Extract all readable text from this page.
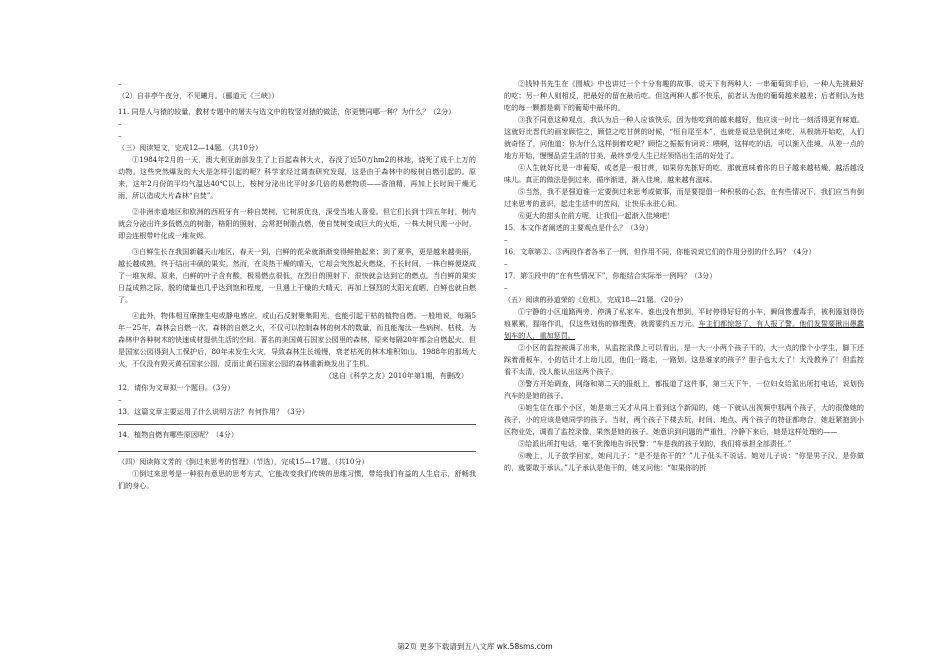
–

（2）自非亭午夜分，不见曦月。（郦道元《三峡》）

11. 同是人与猿的较量，教材专题中的屠夫与选文中的牧竖对猿的做法，你更赞同哪一种？为什么？（2分）

–
–

（三）阅读短文，完成12—14题。（共10分）

①1984年2月的一天，澳大利亚南部发生了上百起森林大火，吞没了近50万hm2的林地，烧死了成千上万的动物。这些突然爆发的大火是怎样引起的呢？科学家经过调查研究发现，这是由于森林中的桉树自燃引起的。原来，这年2月份的平均气温达40℃以上，桉树分泌出比平时多几倍的易燃物质——香油精，再加上长时间干燥无雨，所以造成大片森林“自焚”。

②非洲赤道地区和欧洲的西班牙有一种自焚树，它树质优良，深受当地人喜爱。但它们长到十四五年时，树内就会分泌出许多低燃点的树脂，格阳的照射，会常把树脂点燃，使自焚树变成巨大的火炬，一株大树只需一小时，即会连根带叶化成一堆灰烬。

③白鲜生长在我国新疆天山地区，春天一到，白鲜的花朵就渐渐变得鲜艳起来；到了夏季，更是越来越美丽，越长越成熟，终于结出丰硕的果实。然而，在炎热干燥的晴天，它却会突然起火燃烧，不长时间，一株白鲜便烧成了一堆灰烬。原来，白鲜的叶子含有酸，极易燃点很低，在烈日的照射下，很快就会达到它的燃点。当白鲜的果实日益成熟之际，脱的储量也几乎达到饱和程度，一旦遇上干燥的大晴天，再加上强烈的太阳光直晒，白鲜也就自燃了。

④此外，物体相互摩擦生电或静电感应，或山石反射聚集阳光，也能引起干枯的植物自燃。一般地说，每隔5年－25年，森林会自燃一次，森林的自燃之火，不仅可以控制森林的树木的数量，而且能淘汰一些病树、枯枝，为森林中各种树木的快速成材提供生活的空间。著名的美国黄石国家公园里的森林，原来每隔20年都会自燃起火，但是国家公园得到人工保护后，80年未发生火灾，导致森林生长缓慢，衰老枯死的林木堆积如山。1988年的那场大火，不仅没有毁灭黄石国家公园，反而让黄石国家公园的森林重新焕发出了生机。

（选自《科学之友》2010年第1期，有删改）

12．请你为文章拟一个题目。（3分）

–

13．这篇文章主要运用了什么说明方法？有何作用？（3分）

14．植物自燃有哪些原因呢？（4分）

（四）阅读陈文芳的《倒过来思考的哲理》（节选），完成15—17题。（共10分）

①倒过来思考是一种很有意思的思考方式，它能改变我们传统的思维习惯，带给我们有益的人生启示，舒畅我们的身心。

②钱钟书先生在《围城》中也讲过一个十分有趣的故事，说天下有两种人：一串葡萄到手后，一种人先挑最好的吃；另一种人则相反，把最好的留在最后吃。但这两种人都不快乐，前者认为他的葡萄越来越差；后者则认为他吃的每一颗都是剩下的葡萄中最坏的。

③我不同意这种观点，我认为后一种人应该快乐，因为他吃到的越来越好，他应该一时比一刻活得更有味道。这就好比晋代的画家顾恺之，顾恺之吃甘蔗的时候，“恒自尾至本”，也就是说总是倒过来吃，从根端开始吃，人们就奇怪了，问他道：你为什么这样倒着吃呢？顾恺之振振有词说：喂啊，这样吃的话，可以渐入佳境，从差一点的地方开始，慢慢品尝生活的甘美，最终享受人生已经领悟出生活的好处了。

④人生就好比是一串葡萄，或者是一根甘蔗，如果你先拣好的吃，那就意味着你的日子越来越枯燥，越活越没味儿。真正的做法是倒过来，循序渐进，渐入佳境，越来越有滋味。

⑤当然，我不是强迫谁一定要倒过来思考或做事，而是要提倡一种积极的心态，在有些情况下，我们应当有倒过来思考的意识，起走生活中的苦闷，让快乐永驻心间。

⑥更大的甜头在前方呢，让我们一起渐入佳境吧！

15．本文作者阐述的主要观点是什么？（3分）

–

16．文章第②、③两段作者各举了一例，但作用不同，你能说说它们的作用分别的什么吗？（4分）

–

17．第⑤段中的“在有些情况下”，你能结合实际举一例吗？（3分）

–

（五）阅读的孙道荣的《危机》，完成18—21题。（20分）

①宁静的小区道路两旁，停满了私家车。谁也没有想到，平时停得好好的小车，瞬间惨遭毒手，被利器划得伤痕累累，猩咯作讥，仅这些划伤的修理费，就需要约五万元。车主们都惊怒了，有人报了警。他们发誓要揪出愚蠢划车的人，重加惩罚。

②小区的监控被调了出来，从监控录像上可以看出，是一大一小两个孩子干的，大一点的像个小学生，脚下还踩着滑板车，小的估计才上幼儿园，他们一路走，一路划，这是谁家的孩子？胆子也太大了！太没教养了！但监控看不太清，没人能认出这两个孩子。

③警方开始调查，网络和第二天的报纸上，都报道了这件事，第三天下午，一位妇女给派出所打电话，说划伤汽车的是她的孩子。

④她生住在那个小区，她是第三天才从同上看到这个新闻的，她一下就认出视频中那两个孩子，大的很像她的孩子，小的应该是她同学的孩子。当时，两个孩子下楼去玩，时间、地点、两个孩子的特征都吻合，她赶紧抱到小区物业处，调看了监控录像，果然是她的孩子。她意识到问题的严重性，冷静下来后，她是这样处理的——

⑤给派出所打电话，毫不犹豫地告诉民警：“车是我的孩子划的，我们将承担全部责任。”

⑥晚上，儿子放学回家，她问儿子：“是不是你干的？”儿子低头不说话。她对儿子说：“你是男子汉，是你做的，就要敢于承认。”儿子承认是他干的，她又问他：“如果你的折

第2页 更多下载请到五八文库 wk.58sms.com
